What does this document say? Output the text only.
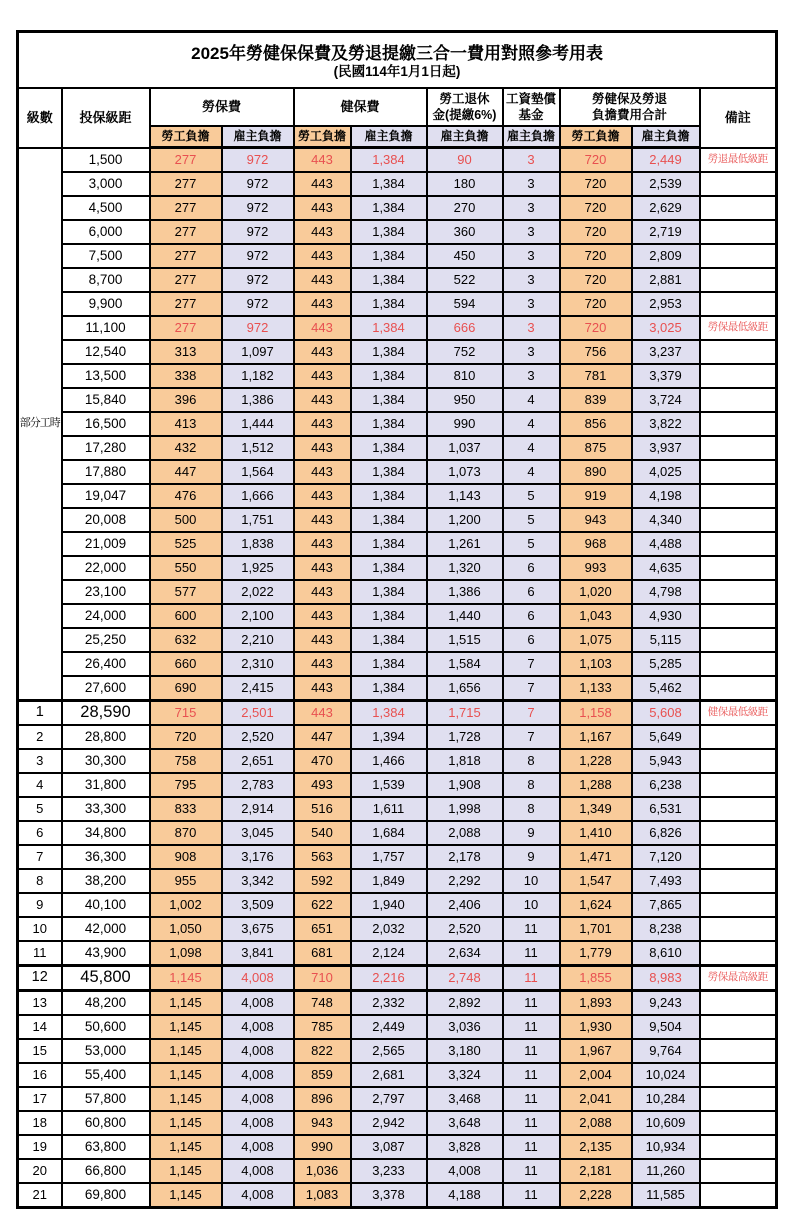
2025年勞健保保費及勞退提繳三合一費用對照參考用表
(民國114年1月1日起)										

級數	投保級距	勞保費	健保費	
勞工退休
金(提繳6%)

工資墊償
基金

勞健保及勞退
負擔費用合計	備註
		勞工負擔	雇主負擔	勞工負擔	雇主負擔	雇主負擔	雇主負擔	勞工負擔	雇主負擔	
部分工時	1,500	277	972	443	1,384	90	3	720	2,449	勞退最低級距
	3,000	277	972	443	1,384	180	3	720	2,539	
	4,500	277	972	443	1,384	270	3	720	2,629	
	6,000	277	972	443	1,384	360	3	720	2,719	
	7,500	277	972	443	1,384	450	3	720	2,809	
	8,700	277	972	443	1,384	522	3	720	2,881	
	9,900	277	972	443	1,384	594	3	720	2,953	
	11,100	277	972	443	1,384	666	3	720	3,025	勞保最低級距
	12,540	313	1,097	443	1,384	752	3	756	3,237	
	13,500	338	1,182	443	1,384	810	3	781	3,379	
	15,840	396	1,386	443	1,384	950	4	839	3,724	
	16,500	413	1,444	443	1,384	990	4	856	3,822	
	17,280	432	1,512	443	1,384	1,037	4	875	3,937	
	17,880	447	1,564	443	1,384	1,073	4	890	4,025	
	19,047	476	1,666	443	1,384	1,143	5	919	4,198	
	20,008	500	1,751	443	1,384	1,200	5	943	4,340	
	21,009	525	1,838	443	1,384	1,261	5	968	4,488	
	22,000	550	1,925	443	1,384	1,320	6	993	4,635	
	23,100	577	2,022	443	1,384	1,386	6	1,020	4,798	
	24,000	600	2,100	443	1,384	1,440	6	1,043	4,930	
	25,250	632	2,210	443	1,384	1,515	6	1,075	5,115	
	26,400	660	2,310	443	1,384	1,584	7	1,103	5,285	
	27,600	690	2,415	443	1,384	1,656	7	1,133	5,462	
1	28,590	715	2,501	443	1,384	1,715	7	1,158	5,608	健保最低級距
2	28,800	720	2,520	447	1,394	1,728	7	1,167	5,649	
3	30,300	758	2,651	470	1,466	1,818	8	1,228	5,943	
4	31,800	795	2,783	493	1,539	1,908	8	1,288	6,238	
5	33,300	833	2,914	516	1,611	1,998	8	1,349	6,531	
6	34,800	870	3,045	540	1,684	2,088	9	1,410	6,826	
7	36,300	908	3,176	563	1,757	2,178	9	1,471	7,120	
8	38,200	955	3,342	592	1,849	2,292	10	1,547	7,493	
9	40,100	1,002	3,509	622	1,940	2,406	10	1,624	7,865	
10	42,000	1,050	3,675	651	2,032	2,520	11	1,701	8,238	
11	43,900	1,098	3,841	681	2,124	2,634	11	1,779	8,610	
12	45,800	1,145	4,008	710	2,216	2,748	11	1,855	8,983	勞保最高級距
13	48,200	1,145	4,008	748	2,332	2,892	11	1,893	9,243	
14	50,600	1,145	4,008	785	2,449	3,036	11	1,930	9,504	
15	53,000	1,145	4,008	822	2,565	3,180	11	1,967	9,764	
16	55,400	1,145	4,008	859	2,681	3,324	11	2,004	10,024	
17	57,800	1,145	4,008	896	2,797	3,468	11	2,041	10,284	
18	60,800	1,145	4,008	943	2,942	3,648	11	2,088	10,609	
19	63,800	1,145	4,008	990	3,087	3,828	11	2,135	10,934	
20	66,800	1,145	4,008	1,036	3,233	4,008	11	2,181	11,260	
21	69,800	1,145	4,008	1,083	3,378	4,188	11	2,228	11,585	
